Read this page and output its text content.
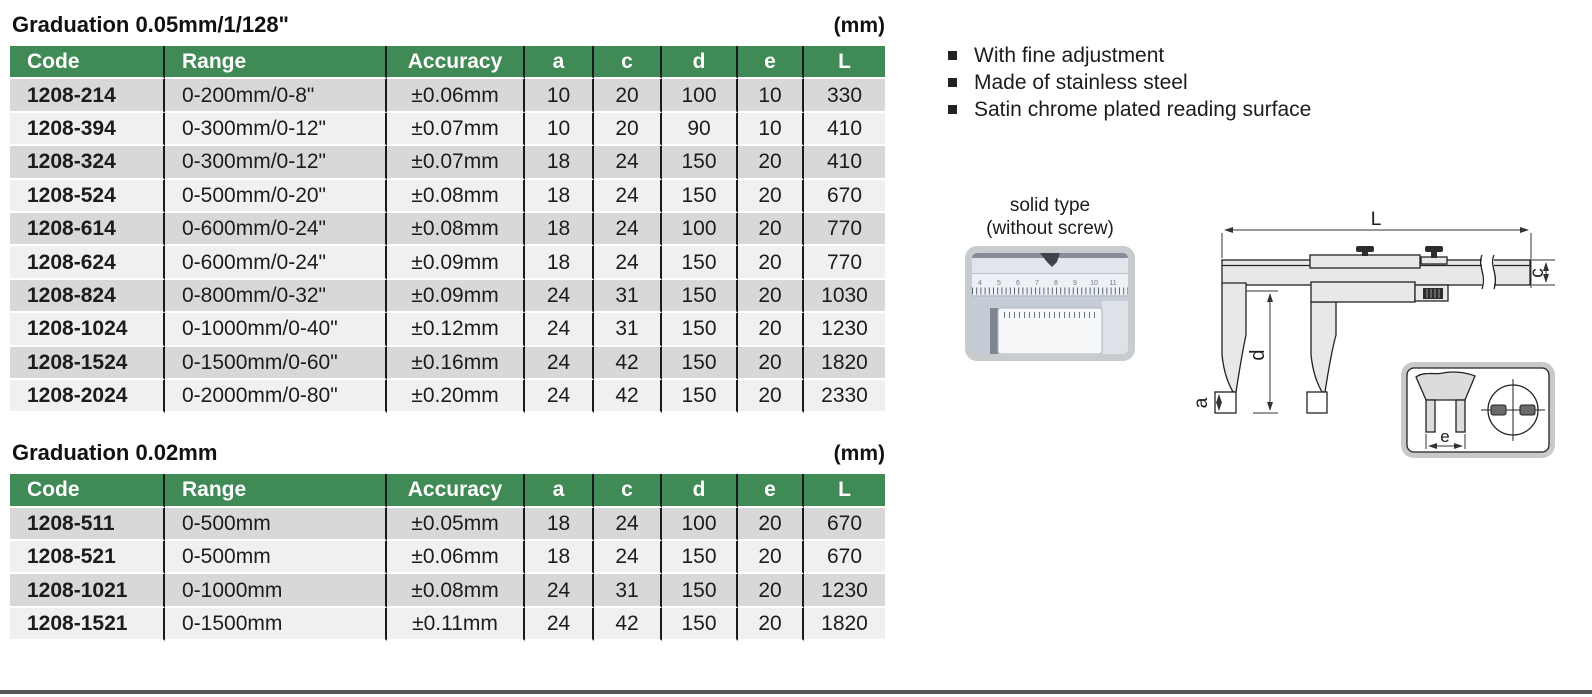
Graduation 0.05mm/1/128"	(mm)
Code	Range	Accuracy	a	c	d	e	L
1208-214	0-200mm/0-8"	±0.06mm	10	20	100	10	330
1208-394	0-300mm/0-12"	±0.07mm	10	20	90	10	410
1208-324	0-300mm/0-12"	±0.07mm	18	24	150	20	410
1208-524	0-500mm/0-20"	±0.08mm	18	24	150	20	670
1208-614	0-600mm/0-24"	±0.08mm	18	24	100	20	770
1208-624	0-600mm/0-24"	±0.09mm	18	24	150	20	770
1208-824	0-800mm/0-32"	±0.09mm	24	31	150	20	1030
1208-1024	0-1000mm/0-40"	±0.12mm	24	31	150	20	1230
1208-1524	0-1500mm/0-60"	±0.16mm	24	42	150	20	1820
1208-2024	0-2000mm/0-80"	±0.20mm	24	42	150	20	2330
Graduation 0.02mm	(mm)
Code	Range	Accuracy	a	c	d	e	L
1208-511	0-500mm	±0.05mm	18	24	100	20	670
1208-521	0-500mm	±0.06mm	18	24	150	20	670
1208-1021	0-1000mm	±0.08mm	24	31	150	20	1230
1208-1521	0-1500mm	±0.11mm	24	42	150	20	1820
With fine adjustment
Made of stainless steel
Satin chrome plated reading surface
solid type
(without screw)
4 5 6 7 8 9 10 11
L
c
d
a
e
